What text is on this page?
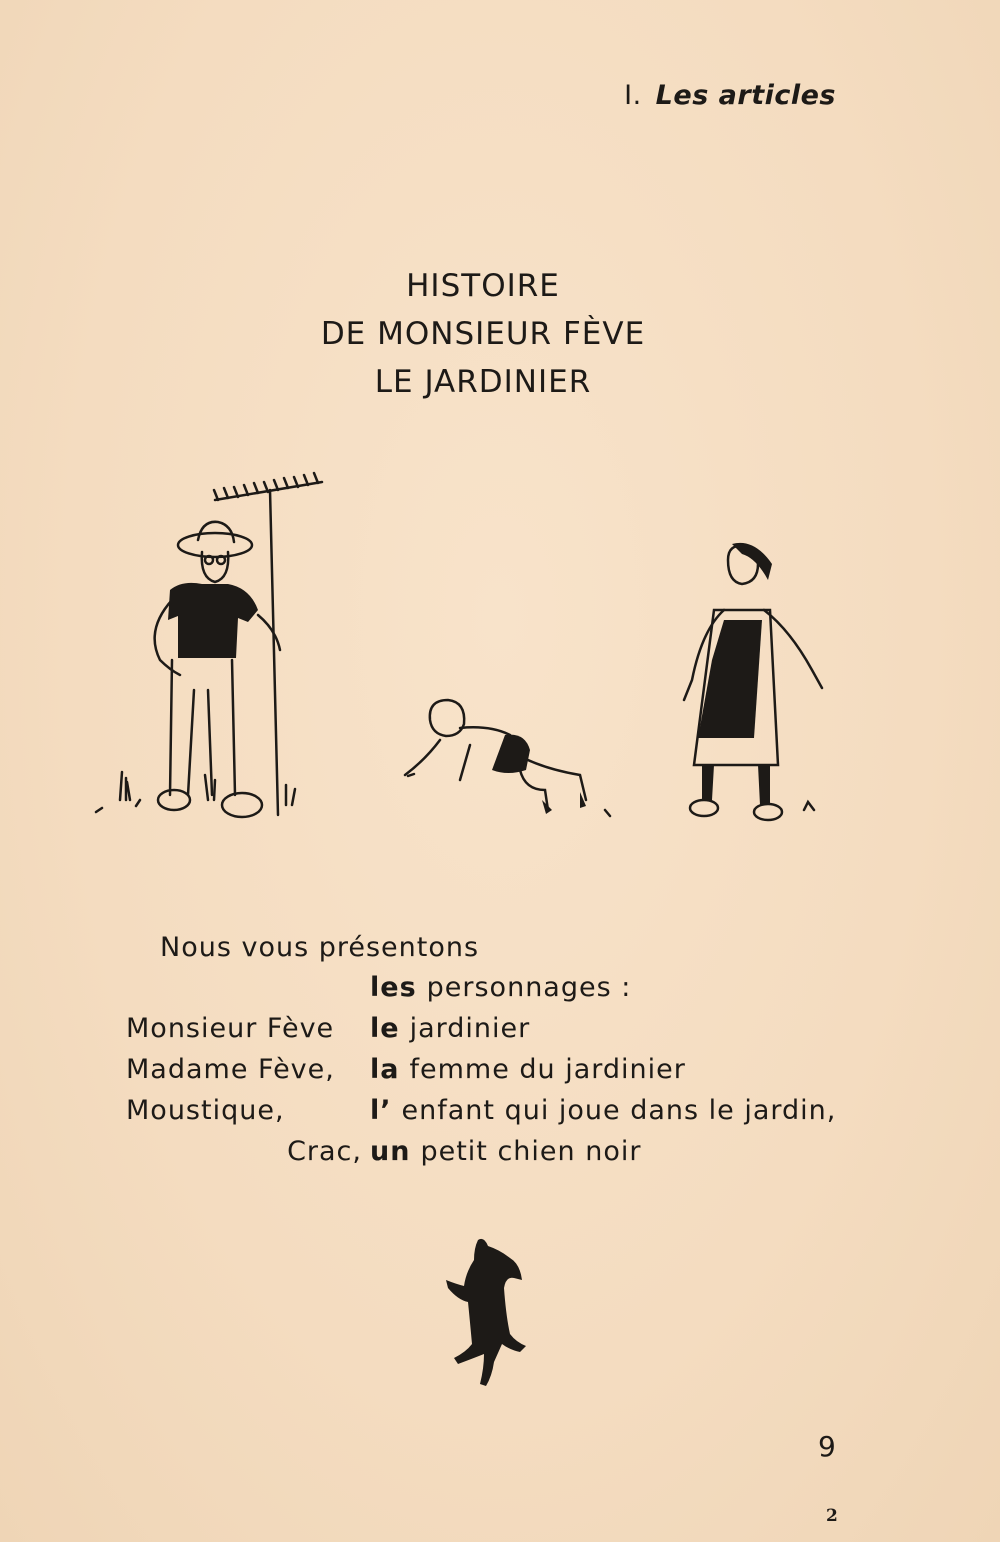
I. Les articles
HISTOIRE
DE MONSIEUR FÈVE
LE JARDINIER
Nous vous présentons
les personnages :
Monsieur Fève le jardinier
Madame Fève, la femme du jardinier
Moustique,	l’ enfant qui joue dans le jardin,
Crac, un petit chien noir
9
2
